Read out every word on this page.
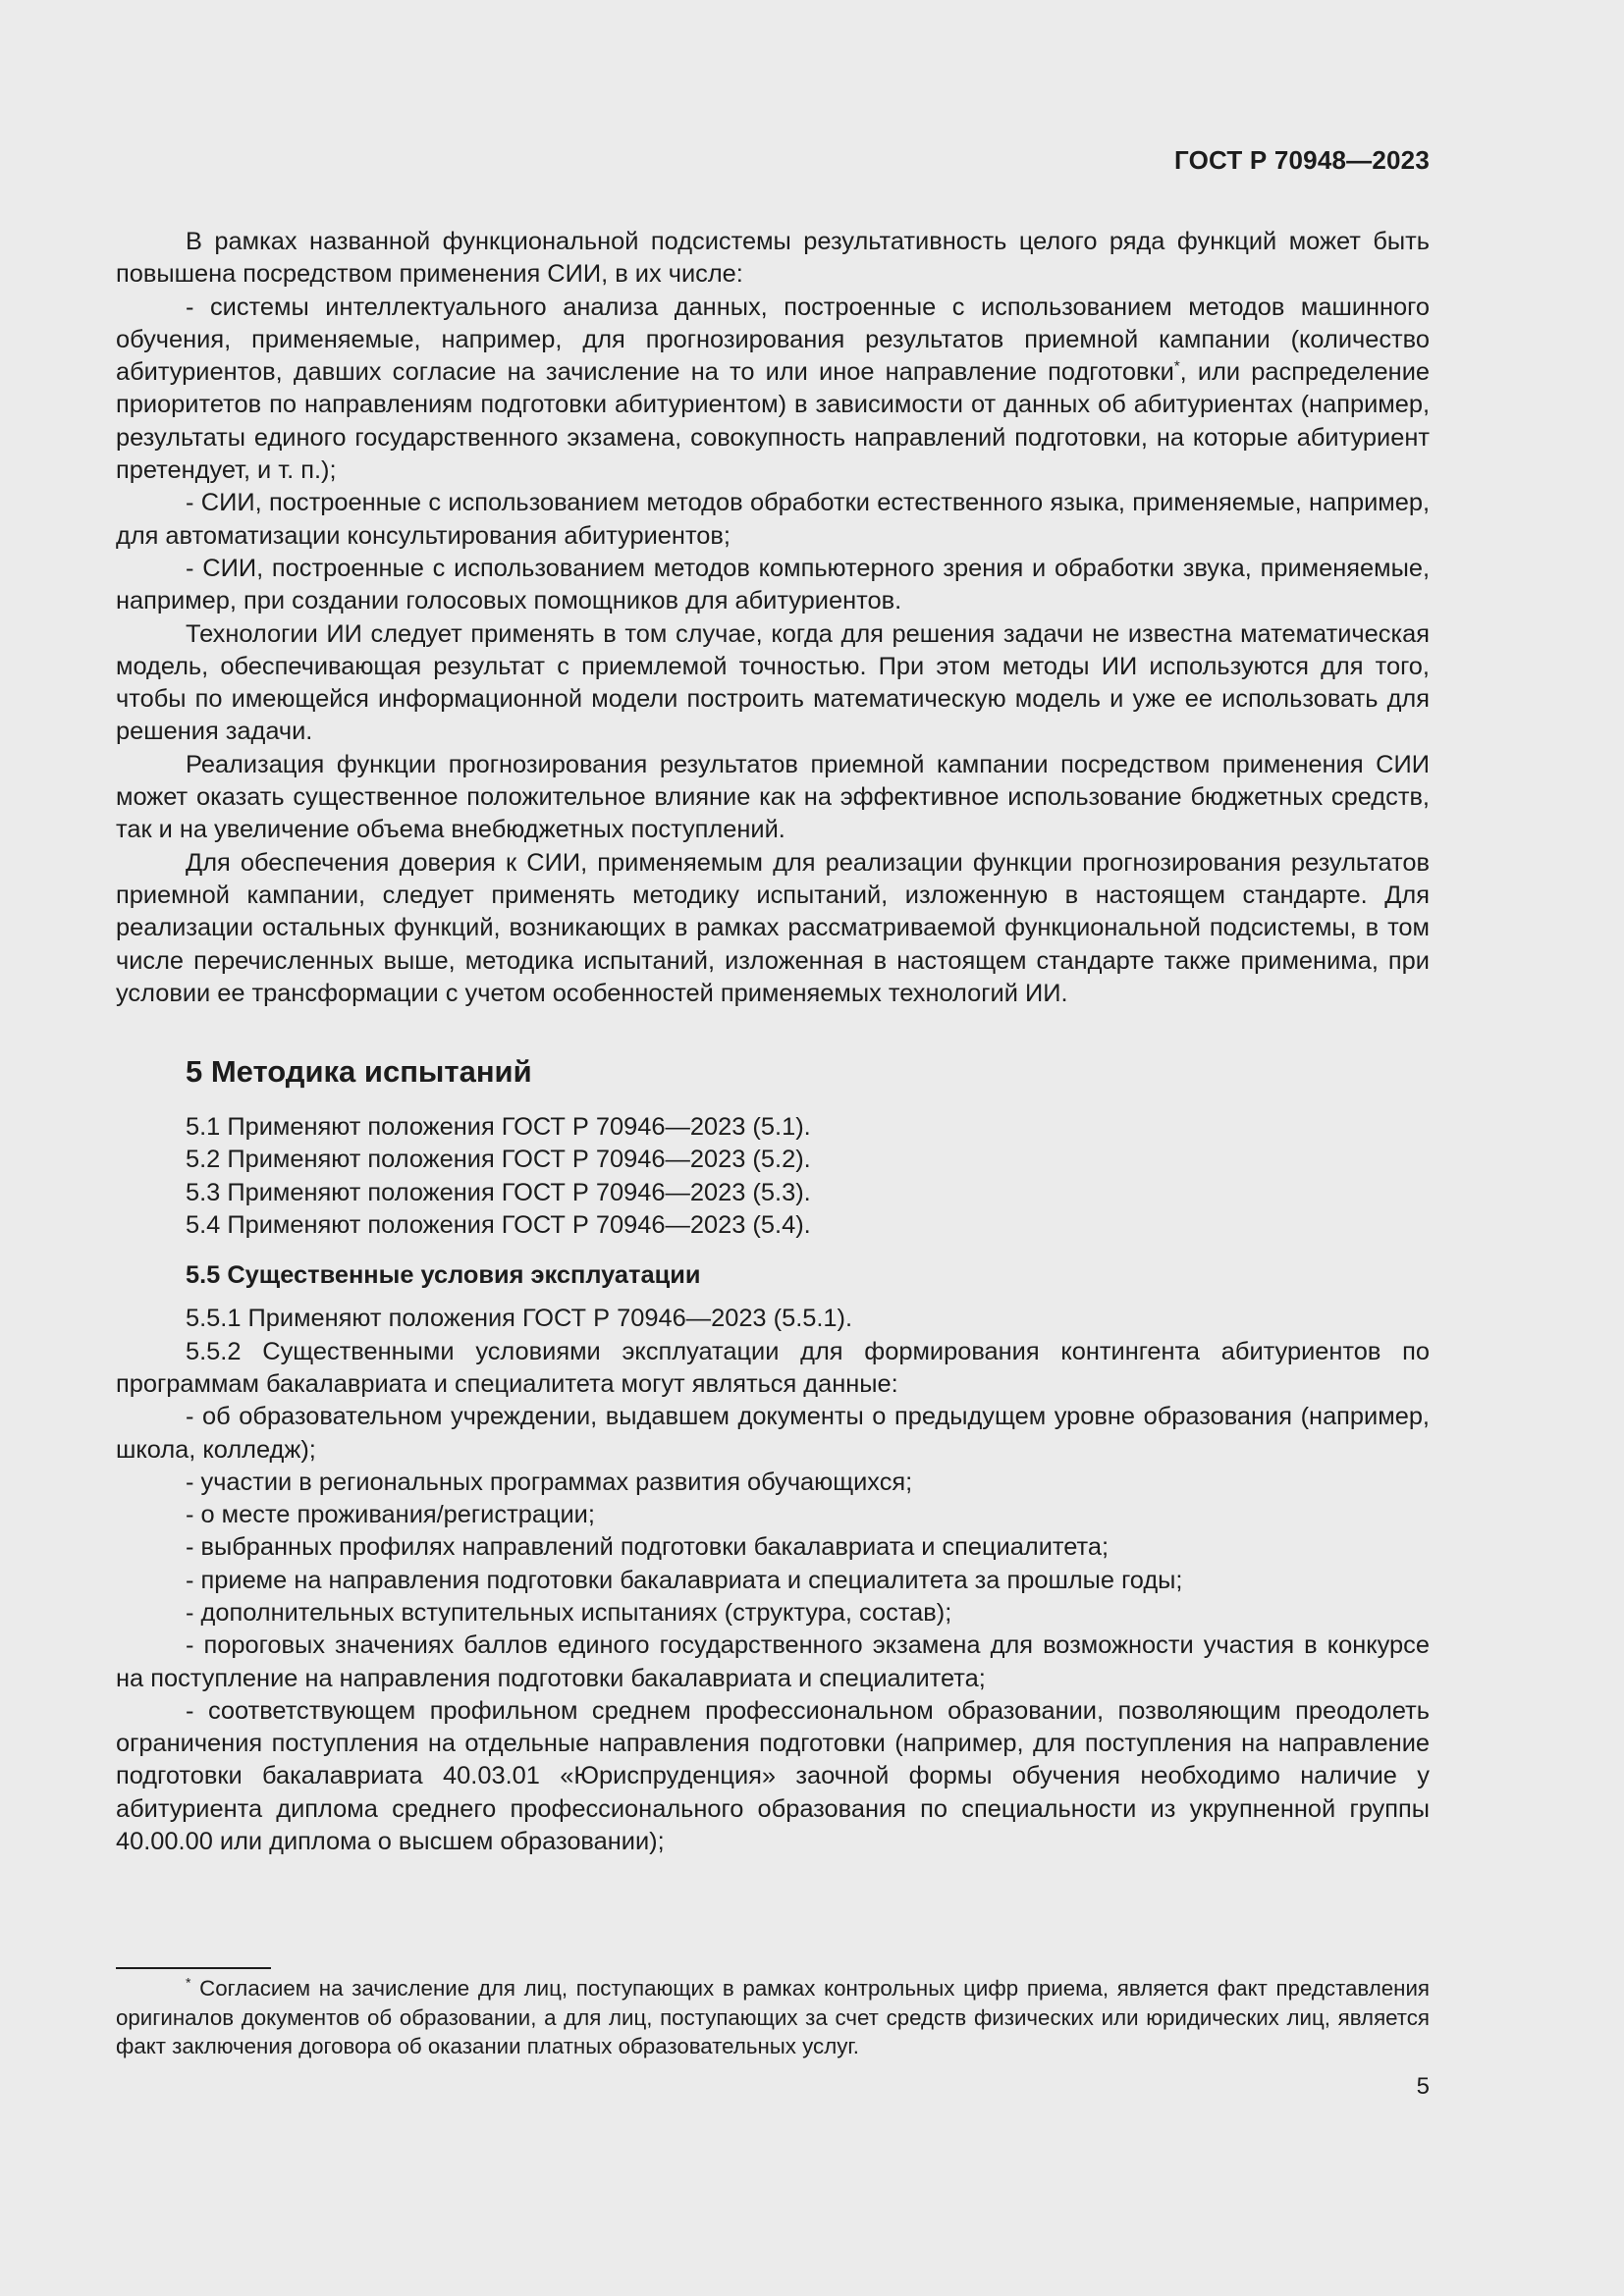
ГОСТ Р 70948—2023

В рамках названной функциональной подсистемы результативность целого ряда функций может быть повышена посредством применения СИИ, в их числе:

- системы интеллектуального анализа данных, построенные с использованием методов машинного обучения, применяемые, например, для прогнозирования результатов приемной кампании (количество абитуриентов, давших согласие на зачисление на то или иное направление подготовки*, или распределение приоритетов по направлениям подготовки абитуриентом) в зависимости от данных об абитуриентах (например, результаты единого государственного экзамена, совокупность направлений подготовки, на которые абитуриент претендует, и т. п.);

- СИИ, построенные с использованием методов обработки естественного языка, применяемые, например, для автоматизации консультирования абитуриентов;

- СИИ, построенные с использованием методов компьютерного зрения и обработки звука, применяемые, например, при создании голосовых помощников для абитуриентов.

Технологии ИИ следует применять в том случае, когда для решения задачи не известна математическая модель, обеспечивающая результат с приемлемой точностью. При этом методы ИИ используются для того, чтобы по имеющейся информационной модели построить математическую модель и уже ее использовать для решения задачи.

Реализация функции прогнозирования результатов приемной кампании посредством применения СИИ может оказать существенное положительное влияние как на эффективное использование бюджетных средств, так и на увеличение объема внебюджетных поступлений.

Для обеспечения доверия к СИИ, применяемым для реализации функции прогнозирования результатов приемной кампании, следует применять методику испытаний, изложенную в настоящем стандарте. Для реализации остальных функций, возникающих в рамках рассматриваемой функциональной подсистемы, в том числе перечисленных выше, методика испытаний, изложенная в настоящем стандарте также применима, при условии ее трансформации с учетом особенностей применяемых технологий ИИ.

5 Методика испытаний

5.1 Применяют положения ГОСТ Р 70946—2023 (5.1).

5.2 Применяют положения ГОСТ Р 70946—2023 (5.2).

5.3 Применяют положения ГОСТ Р 70946—2023 (5.3).

5.4 Применяют положения ГОСТ Р 70946—2023 (5.4).

5.5 Существенные условия эксплуатации

5.5.1 Применяют положения ГОСТ Р 70946—2023 (5.5.1).

5.5.2 Существенными условиями эксплуатации для формирования контингента абитуриентов по программам бакалавриата и специалитета могут являться данные:

- об образовательном учреждении, выдавшем документы о предыдущем уровне образования (например, школа, колледж);

- участии в региональных программах развития обучающихся;

- о месте проживания/регистрации;

- выбранных профилях направлений подготовки бакалавриата и специалитета;

- приеме на направления подготовки бакалавриата и специалитета за прошлые годы;

- дополнительных вступительных испытаниях (структура, состав);

- пороговых значениях баллов единого государственного экзамена для возможности участия в конкурсе на поступление на направления подготовки бакалавриата и специалитета;

- соответствующем профильном среднем профессиональном образовании, позволяющим преодолеть ограничения поступления на отдельные направления подготовки (например, для поступления на направление подготовки бакалавриата 40.03.01 «Юриспруденция» заочной формы обучения необходимо наличие у абитуриента диплома среднего профессионального образования по специальности из укрупненной группы 40.00.00 или диплома о высшем образовании);

* Согласием на зачисление для лиц, поступающих в рамках контрольных цифр приема, является факт представления оригиналов документов об образовании, а для лиц, поступающих за счет средств физических или юридических лиц, является факт заключения договора об оказании платных образовательных услуг.
5
